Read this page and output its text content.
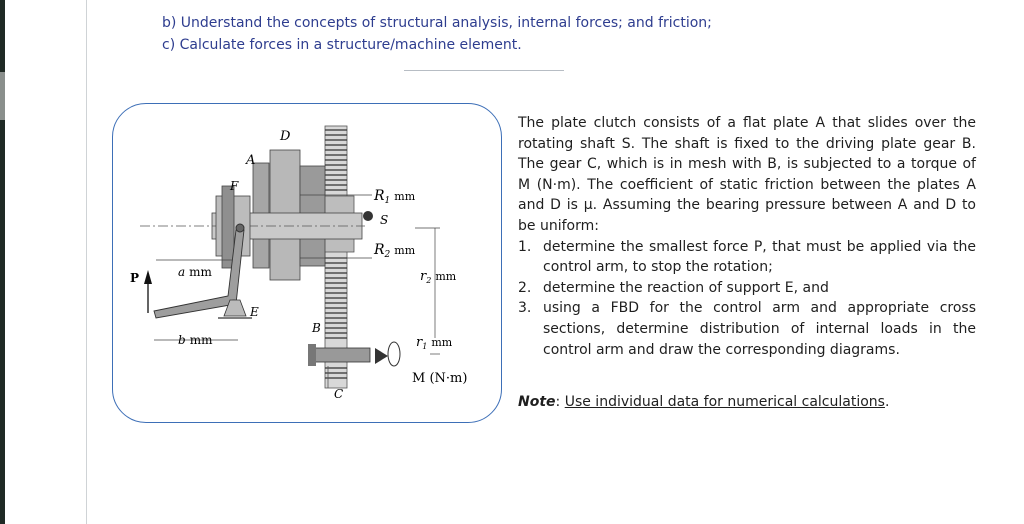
b) Understand the concepts of structural analysis, internal forces; and friction;
c) Calculate forces in a structure/machine element.
D
A
F
S
P
E
B
C
$R_1$ $^{mm}$
$R_2$ $^{mm}$
$r_2$ $^{mm}$
$r_1$ $^{mm}$
a mm
b mm
M (N·m)

The plate clutch consists of a flat plate A that slides over the rotating shaft S. The shaft is fixed to the driving plate gear B. The gear C, which is in mesh with B, is subjected to a torque of M (N·m). The coefficient of static friction between the plates A and D is μ. Assuming the bearing pressure between A and D to be uniform:

1. determine the smallest force P, that must be applied via the control arm, to stop the rotation;
2. determine the reaction of support E, and
3. using a FBD for the control arm and appropriate cross sections, determine distribution of internal loads in the control arm and draw the corresponding diagrams.
Note: Use individual data for numerical calculations.
